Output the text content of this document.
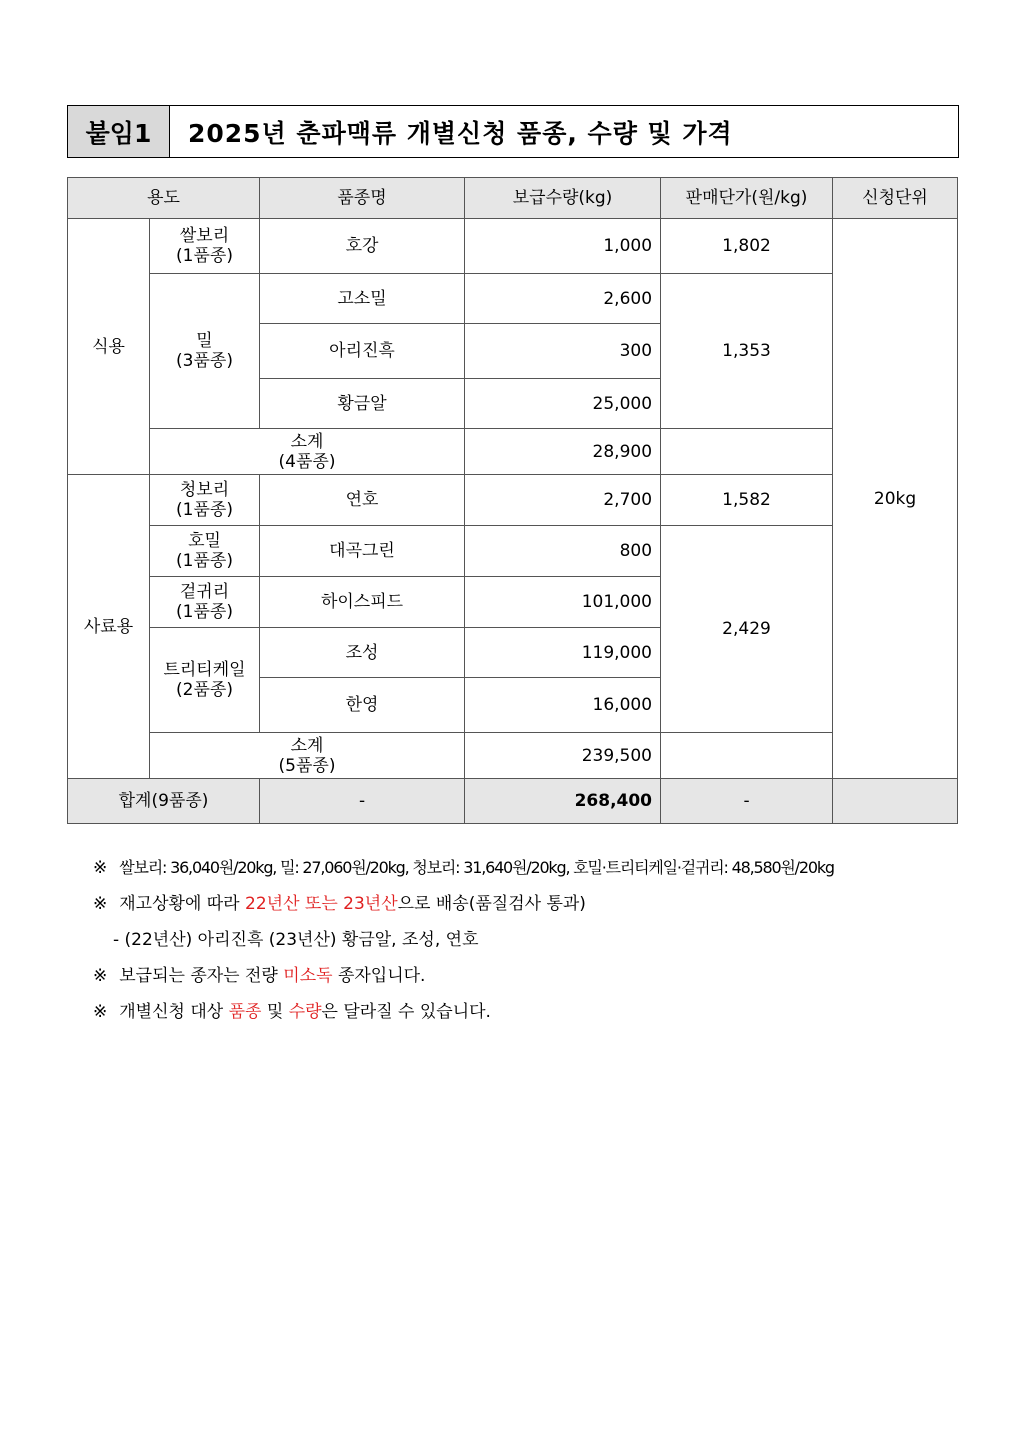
붙임1	2025년 춘파맥류 개별신청 품종, 수량 및 가격
용도		품종명	보급수량(kg)	판매단가(원/kg)	신청단위
식용	쌀보리
(1품종)	호강	1,000	1,802	20kg

	밀
(3품종)	고소밀	2,600	1,353	
		아리진흑	300		
		황금알	25,000		

	소계
(4품종)		28,900		
사료용	청보리
(1품종)	연호	2,700	1,582	

	호밀
(1품종)	대곡그린	800	2,429	

	겉귀리
(1품종)	하이스피드	101,000		

	트리티케일
(2품종)	조성	119,000		
		한영	16,000		

	소계
(5품종)		239,500		
합계(9품종)		-	268,400	-	
※ 쌀보리: 36,040원/20kg, 밀: 27,060원/20kg, 청보리: 31,640원/20kg, 호밀·트리티케일·겉귀리: 48,580원/20kg
※ 재고상황에 따라 22년산 또는 23년산으로 배송(품질검사 통과)
- (22년산) 아리진흑 (23년산) 황금알, 조성, 연호
※ 보급되는 종자는 전량 미소독 종자입니다.
※ 개별신청 대상 품종 및 수량은 달라질 수 있습니다.
